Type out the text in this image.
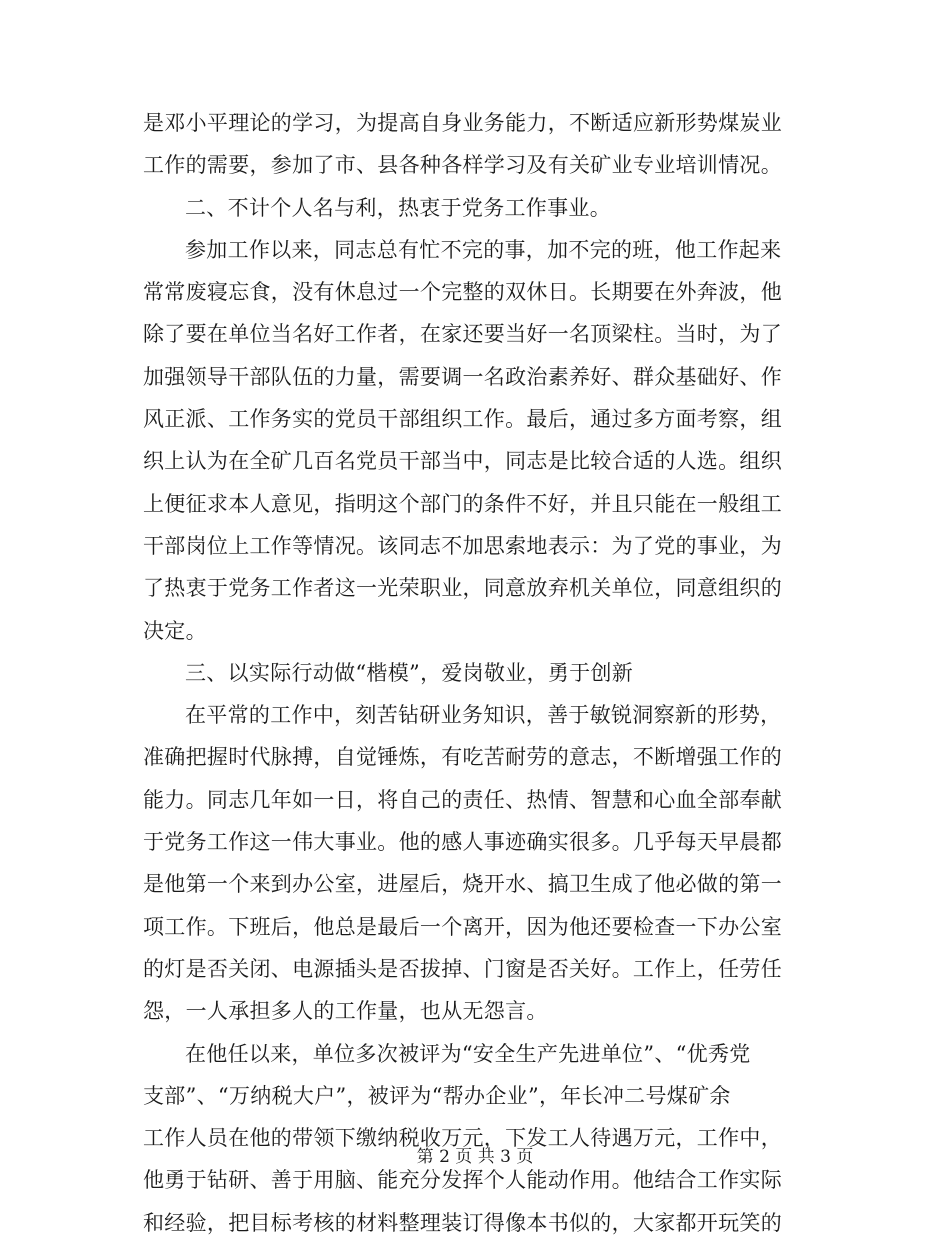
是邓小平理论的学习，为提高自身业务能力，不断适应新形势煤炭业
工作的需要，参加了市、县各种各样学习及有关矿业专业培训情况。
二、不计个人名与利，热衷于党务工作事业。
参加工作以来，同志总有忙不完的事，加不完的班，他工作起来
常常废寝忘食，没有休息过一个完整的双休日。长期要在外奔波，他
除了要在单位当名好工作者，在家还要当好一名顶梁柱。当时，为了
加强领导干部队伍的力量，需要调一名政治素养好、群众基础好、作
风正派、工作务实的党员干部组织工作。最后，通过多方面考察，组
织上认为在全矿几百名党员干部当中，同志是比较合适的人选。组织
上便征求本人意见，指明这个部门的条件不好，并且只能在一般组工
干部岗位上工作等情况。该同志不加思索地表示：为了党的事业，为
了热衷于党务工作者这一光荣职业，同意放弃机关单位，同意组织的
决定。
三、以实际行动做“楷模”，爱岗敬业，勇于创新
在平常的工作中，刻苦钻研业务知识，善于敏锐洞察新的形势，
准确把握时代脉搏，自觉锤炼，有吃苦耐劳的意志，不断增强工作的
能力。同志几年如一日，将自己的责任、热情、智慧和心血全部奉献
于党务工作这一伟大事业。他的感人事迹确实很多。几乎每天早晨都
是他第一个来到办公室，进屋后，烧开水、搞卫生成了他必做的第一
项工作。下班后，他总是最后一个离开，因为他还要检查一下办公室
的灯是否关闭、电源插头是否拔掉、门窗是否关好。工作上，任劳任
怨，一人承担多人的工作量，也从无怨言。
在他任以来，单位多次被评为“安全生产先进单位”、“优秀党
支部”、“万纳税大户”，被评为“帮办企业”，年长冲二号煤矿余
工作人员在他的带领下缴纳税收万元，下发工人待遇万元，工作中，
他勇于钻研、善于用脑、能充分发挥个人能动作用。他结合工作实际
和经验，把目标考核的材料整理装订得像本书似的，大家都开玩笑的
第 2 页 共 3 页
